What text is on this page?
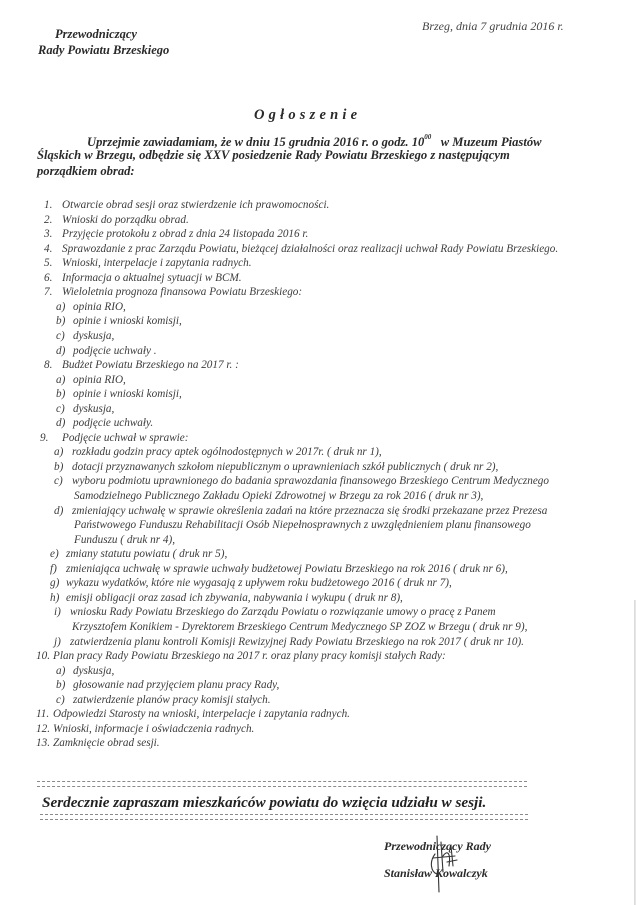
Przewodniczący
Rady Powiatu Brzeskiego
Brzeg, dnia 7 grudnia 2016 r.
Ogłoszenie
Uprzejmie zawiadamiam, że w dniu 15 grudnia 2016 r. o godz. $10^{00}$ w Muzeum Piastów
Śląskich w Brzegu, odbędzie się XXV posiedzenie Rady Powiatu Brzeskiego z następującym
porządkiem obrad:
1. Otwarcie obrad sesji oraz stwierdzenie ich prawomocności.
2. Wnioski do porządku obrad.
3. Przyjęcie protokołu z obrad z dnia 24 listopada 2016 r.
4. Sprawozdanie z prac Zarządu Powiatu, bieżącej działalności oraz realizacji uchwał Rady Powiatu Brzeskiego.
5. Wnioski, interpelacje i zapytania radnych.
6. Informacja o aktualnej sytuacji w BCM.
7. Wieloletnia prognoza finansowa Powiatu Brzeskiego:
a) opinia RIO,
b) opinie i wnioski komisji,
c) dyskusja,
d) podjęcie uchwały .
8. Budżet Powiatu Brzeskiego na 2017 r. :
a) opinia RIO,
b) opinie i wnioski komisji,
c) dyskusja,
d) podjęcie uchwały.
9. Podjęcie uchwał w sprawie:
a) rozkładu godzin pracy aptek ogólnodostępnych w 2017r. ( druk nr 1),
b) dotacji przyznawanych szkołom niepublicznym o uprawnieniach szkół publicznych ( druk nr 2),
c) wyboru podmiotu uprawnionego do badania sprawozdania finansowego Brzeskiego Centrum Medycznego
Samodzielnego Publicznego Zakładu Opieki Zdrowotnej w Brzegu za rok 2016 ( druk nr 3),
d) zmieniający uchwałę w sprawie określenia zadań na które przeznacza się środki przekazane przez Prezesa
Państwowego Funduszu Rehabilitacji Osób Niepełnosprawnych z uwzględnieniem planu finansowego
Funduszu ( druk nr 4),
e) zmiany statutu powiatu ( druk nr 5),
f) zmieniająca uchwałę w sprawie uchwały budżetowej Powiatu Brzeskiego na rok 2016 ( druk nr 6),
g) wykazu wydatków, które nie wygasają z upływem roku budżetowego 2016 ( druk nr 7),
h) emisji obligacji oraz zasad ich zbywania, nabywania i wykupu ( druk nr 8),
i) wniosku Rady Powiatu Brzeskiego do Zarządu Powiatu o rozwiązanie umowy o pracę z Panem
Krzysztofem Konikiem - Dyrektorem Brzeskiego Centrum Medycznego SP ZOZ w Brzegu ( druk nr 9),
j) zatwierdzenia planu kontroli Komisji Rewizyjnej Rady Powiatu Brzeskiego na rok 2017 ( druk nr 10).
10. Plan pracy Rady Powiatu Brzeskiego na 2017 r. oraz plany pracy komisji stałych Rady:
a) dyskusja,
b) głosowanie nad przyjęciem planu pracy Rady,
c) zatwierdzenie planów pracy komisji stałych.
11. Odpowiedzi Starosty na wnioski, interpelacje i zapytania radnych.
12. Wnioski, informacje i oświadczenia radnych.
13. Zamknięcie obrad sesji.
Serdecznie zapraszam mieszkańców powiatu do wzięcia udziału w sesji.
Przewodniczący Rady
Stanisław Kowalczyk
